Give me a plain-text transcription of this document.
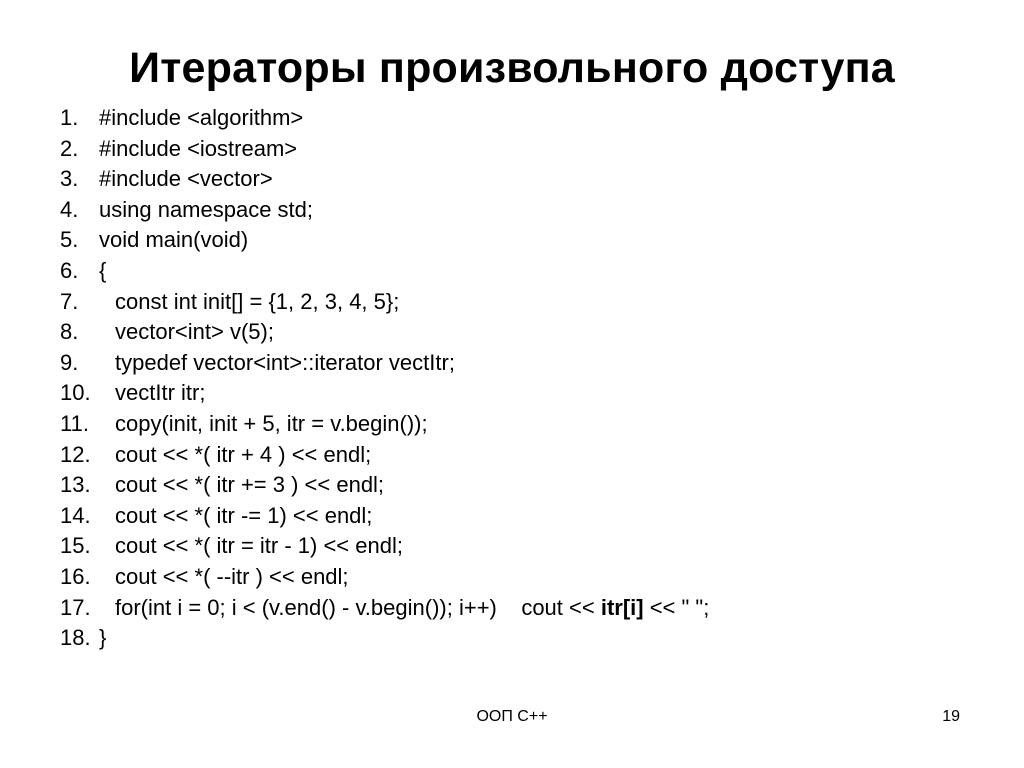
Итераторы произвольного доступа

1.

#include <algorithm>

2.

#include <iostream>

3.

#include <vector>

4.

using namespace std;

5.

void main(void)

6.

{

7.

const int init[] = {1, 2, 3, 4, 5};

8.

vector<int> v(5);

9.

typedef vector<int>::iterator vectItr;

10.

vectItr itr;

11.

copy(init, init + 5, itr = v.begin());

12.

cout << *( itr + 4 ) << endl;

13.

cout << *( itr += 3 ) << endl;

14.

cout << *( itr -= 1) << endl;

15.

cout << *( itr = itr - 1) << endl;

16.

cout << *( --itr ) << endl;

17.

for(int i = 0; i < (v.end() - v.begin()); i++)    cout << itr[i] << " ";

18.

}

ООП C++	19
